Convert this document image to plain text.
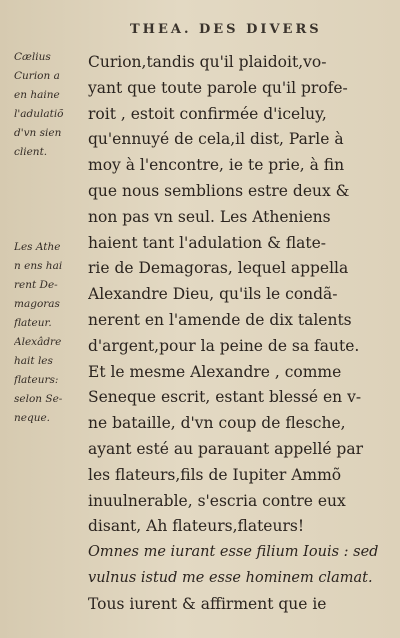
THEA. DES DIVERS
Cælius
Curion a
en haine
l'adulatiõ
d'vn sien
client.
Les Athe
n ens hai
rent De-
magoras
flateur.
Alexâdre
hait les
flateurs:
selon Se-
neque.
Curion,tandis qu'il plaidoit,vo-
yant que toute parole qu'il profe-
roit , estoit confirmée d'iceluy,
qu'ennuyé de cela,il dist, Parle à
moy à l'encontre, ie te prie, à fin
que nous semblions estre deux &
non pas vn seul. Les Atheniens
haient tant l'adulation & flate-
rie de Demagoras, lequel appella
Alexandre Dieu, qu'ils le condã-
nerent en l'amende de dix talents
d'argent,pour la peine de sa faute.
Et le mesme Alexandre , comme
Seneque escrit, estant blessé en v-
ne bataille, d'vn coup de flesche,
ayant esté au parauant appellé par
les flateurs,fils de Iupiter Ammõ
inuulnerable, s'escria contre eux
disant, Ah flateurs,flateurs!
Omnes me iurant esse filium Iouis : sed
vulnus istud me esse hominem clamat.
Tous iurent & affirment que ie
